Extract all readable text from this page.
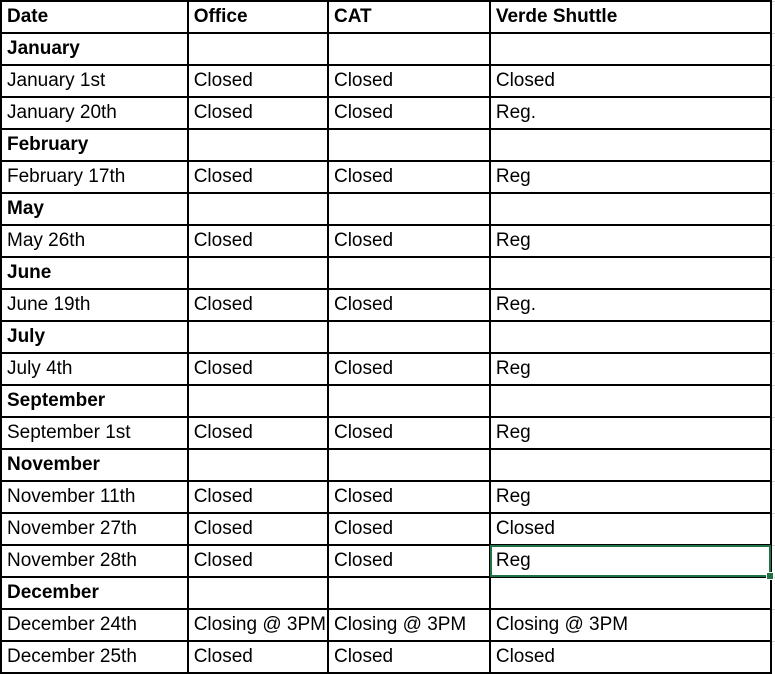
Date	Office	CAT	Verde Shuttle	
January				
January 1st	Closed	Closed	Closed	
January 20th	Closed	Closed	Reg.	
February				
February 17th	Closed	Closed	Reg	
May				
May 26th	Closed	Closed	Reg	
June				
June 19th	Closed	Closed	Reg.	
July				
July 4th	Closed	Closed	Reg	
September				
September 1st	Closed	Closed	Reg	
November				
November 11th	Closed	Closed	Reg	
November 27th	Closed	Closed	Closed	
November 28th	Closed	Closed	Reg

December				
December 24th	Closing @ 3PM	Closing @ 3PM	Closing @ 3PM	
December 25th	Closed	Closed	Closed	
